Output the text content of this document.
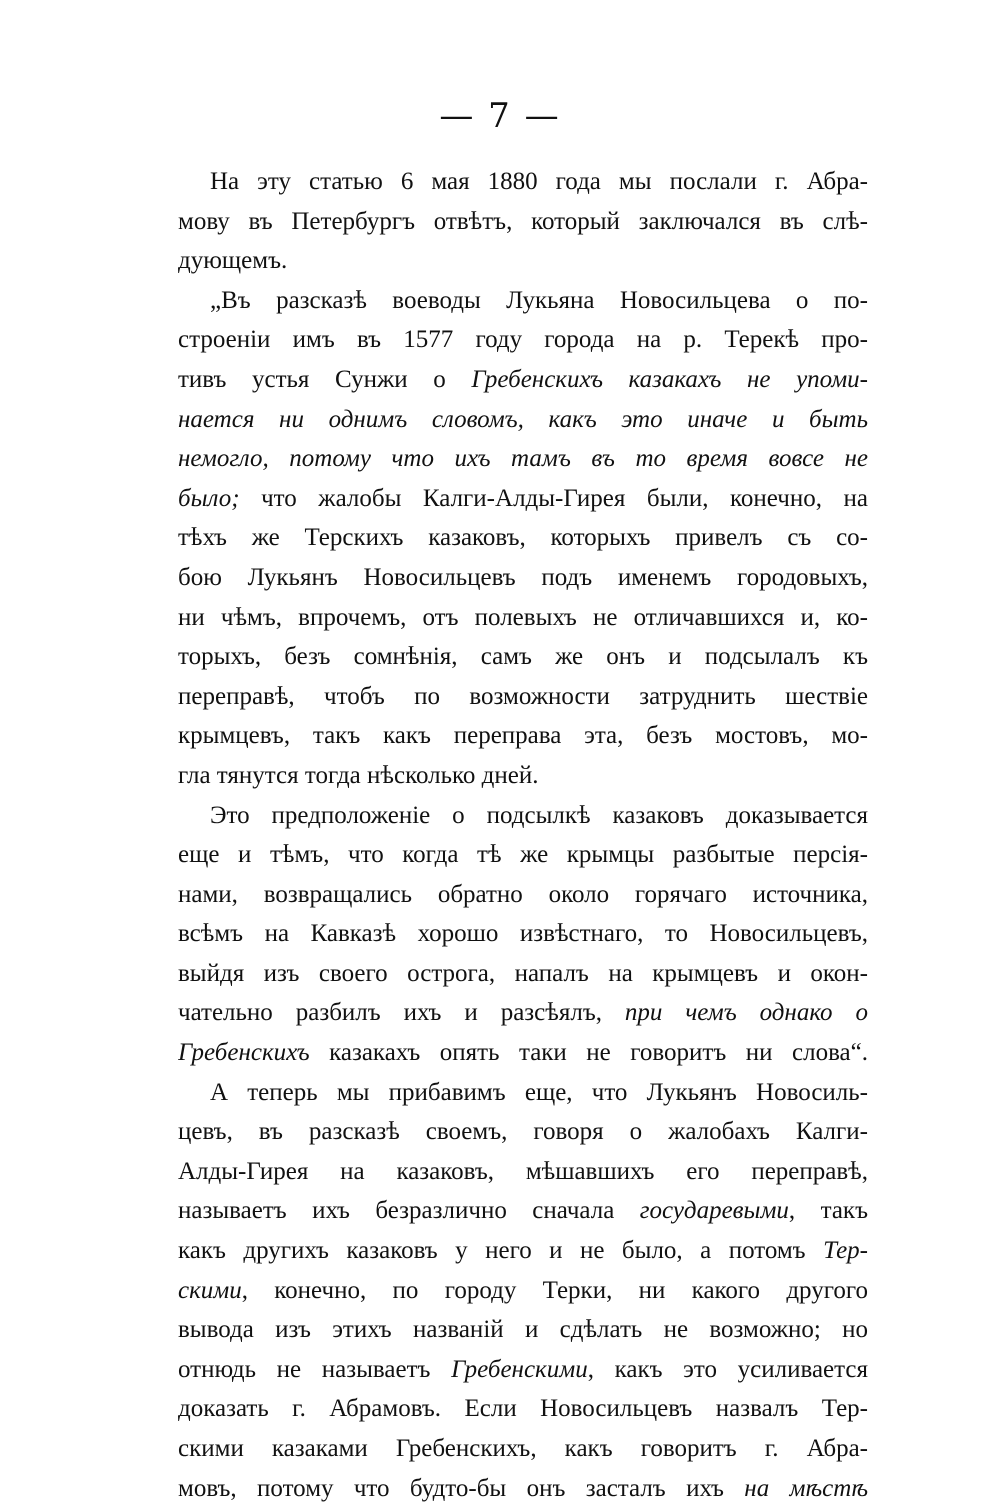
— 7 —
На эту статью 6 мая 1880 года мы послали г. Абра-
мову въ Петербургъ отвѣтъ, который заключался въ слѣ-
дующемъ.
„Въ разсказѣ воеводы Лукьяна Новосильцева о по-
строеніи имъ въ 1577 году города на р. Терекѣ про-
тивъ устья Сунжи о Гребенскихъ казакахъ не упоми-
нается ни однимъ словомъ, какъ это иначе и быть
немогло, потому что ихъ тамъ въ то время вовсе не
было; что жалобы Калги-Алды-Гирея были, конечно, на
тѣхъ же Терскихъ казаковъ, которыхъ привелъ съ со-
бою Лукьянъ Новосильцевъ подъ именемъ городовыхъ,
ни чѣмъ, впрочемъ, отъ полевыхъ не отличавшихся и, ко-
торыхъ, безъ сомнѣнія, самъ же онъ и подсылалъ къ
переправѣ, чтобъ по возможности затруднить шествіе
крымцевъ, такъ какъ переправа эта, безъ мостовъ, мо-
гла тянутся тогда нѣсколько дней.
Это предположеніе о подсылкѣ казаковъ доказывается
еще и тѣмъ, что когда тѣ же крымцы разбытые персія-
нами, возвращались обратно около горячаго источника,
всѣмъ на Кавказѣ хорошо извѣстнаго, то Новосильцевъ,
выйдя изъ своего острога, напалъ на крымцевъ и окон-
чательно разбилъ ихъ и разсѣялъ, при чемъ однако о
Гребенскихъ казакахъ опять таки не говоритъ ни слова“.
А теперь мы прибавимъ еще, что Лукьянъ Новосиль-
цевъ, въ разсказѣ своемъ, говоря о жалобахъ Калги-
Алды-Гирея на казаковъ, мѣшавшихъ его переправѣ,
называетъ ихъ безразлично сначала государевыми, такъ
какъ другихъ казаковъ у него и не было, а потомъ Тер-
скими, конечно, по городу Терки, ни какого другого
вывода изъ этихъ названій и сдѣлать не возможно; но
отнюдь не называетъ Гребенскими, какъ это усиливается
доказать г. Абрамовъ. Если Новосильцевъ назвалъ Тер-
скими казаками Гребенскихъ, какъ говоритъ г. Абра-
мовъ, потому что будто-бы онъ засталъ ихъ на мѣстѣ
